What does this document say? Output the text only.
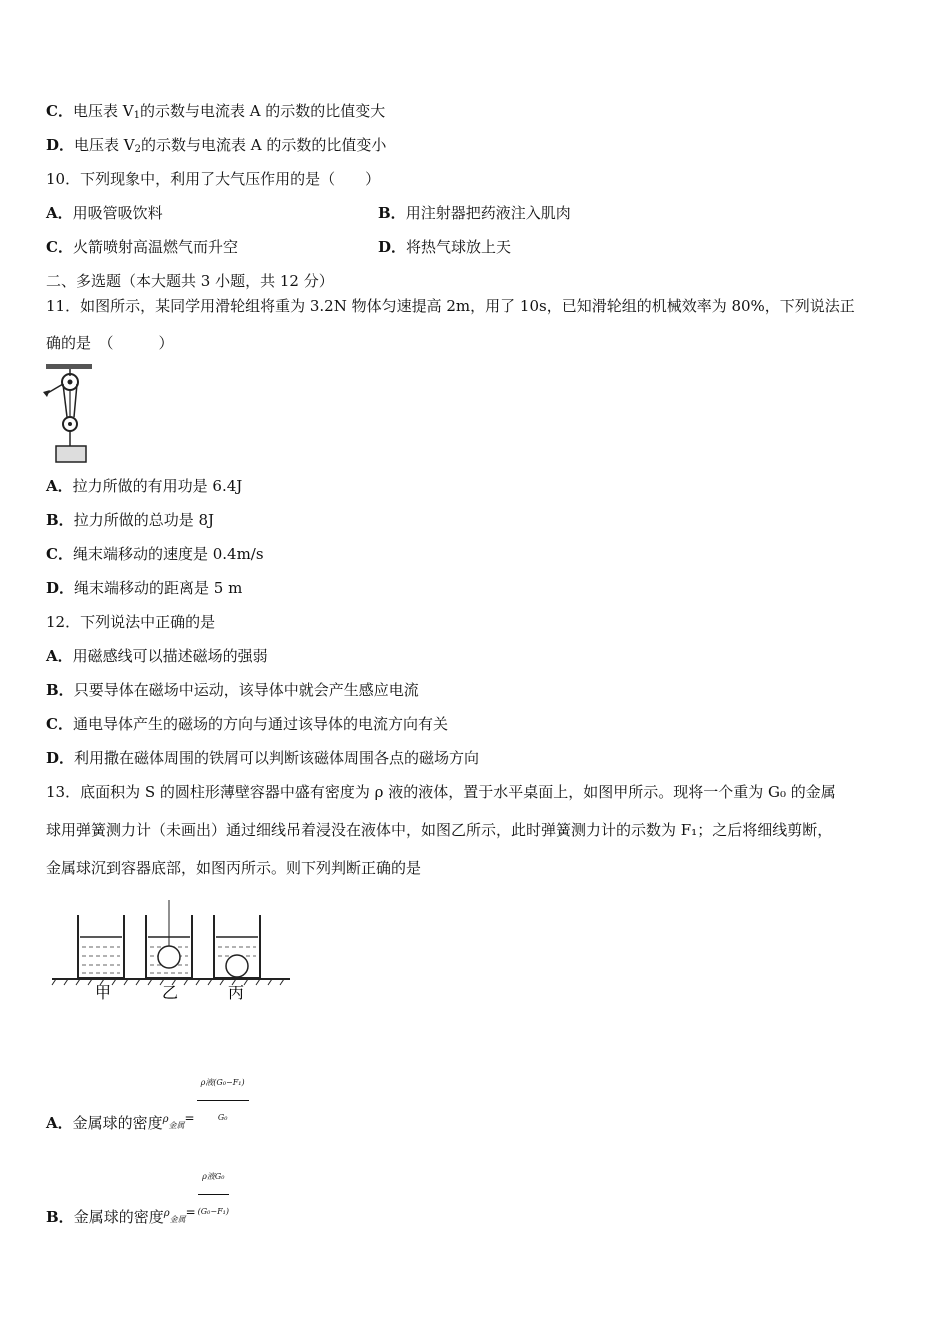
C．电压表 $V_1$的示数与电流表 A 的示数的比值变大
D．电压表 $V_2$的示数与电流表 A 的示数的比值变小
10．下列现象中，利用了大气压作用的是（　　）
A．用吸管吸饮料	B．用注射器把药液注入肌肉
C．火箭喷射高温燃气而升空	D．将热气球放上天
二、多选题（本大题共 3 小题，共 12 分）
11．如图所示，某同学用滑轮组将重为 3.2N 物体匀速提高 2m，用了 10s，已知滑轮组的机械效率为 80%，下列说法正
确的是　（　　　）
A．拉力所做的有用功是 6.4J
B．拉力所做的总功是 8J
C．绳末端移动的速度是 0.4m/s
D．绳末端移动的距离是 5 m
12．下列说法中正确的是
A．用磁感线可以描述磁场的强弱
B．只要导体在磁场中运动，该导体中就会产生感应电流
C．通电导体产生的磁场的方向与通过该导体的电流方向有关
D．利用撒在磁体周围的铁屑可以判断该磁体周围各点的磁场方向
13．底面积为 S 的圆柱形薄壁容器中盛有密度为 ρ 液的液体，置于水平桌面上，如图甲所示。现将一个重为 G₀ 的金属
球用弹簧测力计（未画出）通过细线吊着浸没在液体中，如图乙所示，此时弹簧测力计的示数为 F₁；之后将细线剪断，
金属球沉到容器底部，如图丙所示。则下列判断正确的是
甲	乙	丙
A．金属球的密度$^\rho$金属$^= \frac{\text{ρ液(G₀−F₁)}}{\text{G₀}}$
B．金属球的密度$^\rho$金属$^= \frac{\text{ρ液G₀}}{\text{(G₀−F₁)}}$
